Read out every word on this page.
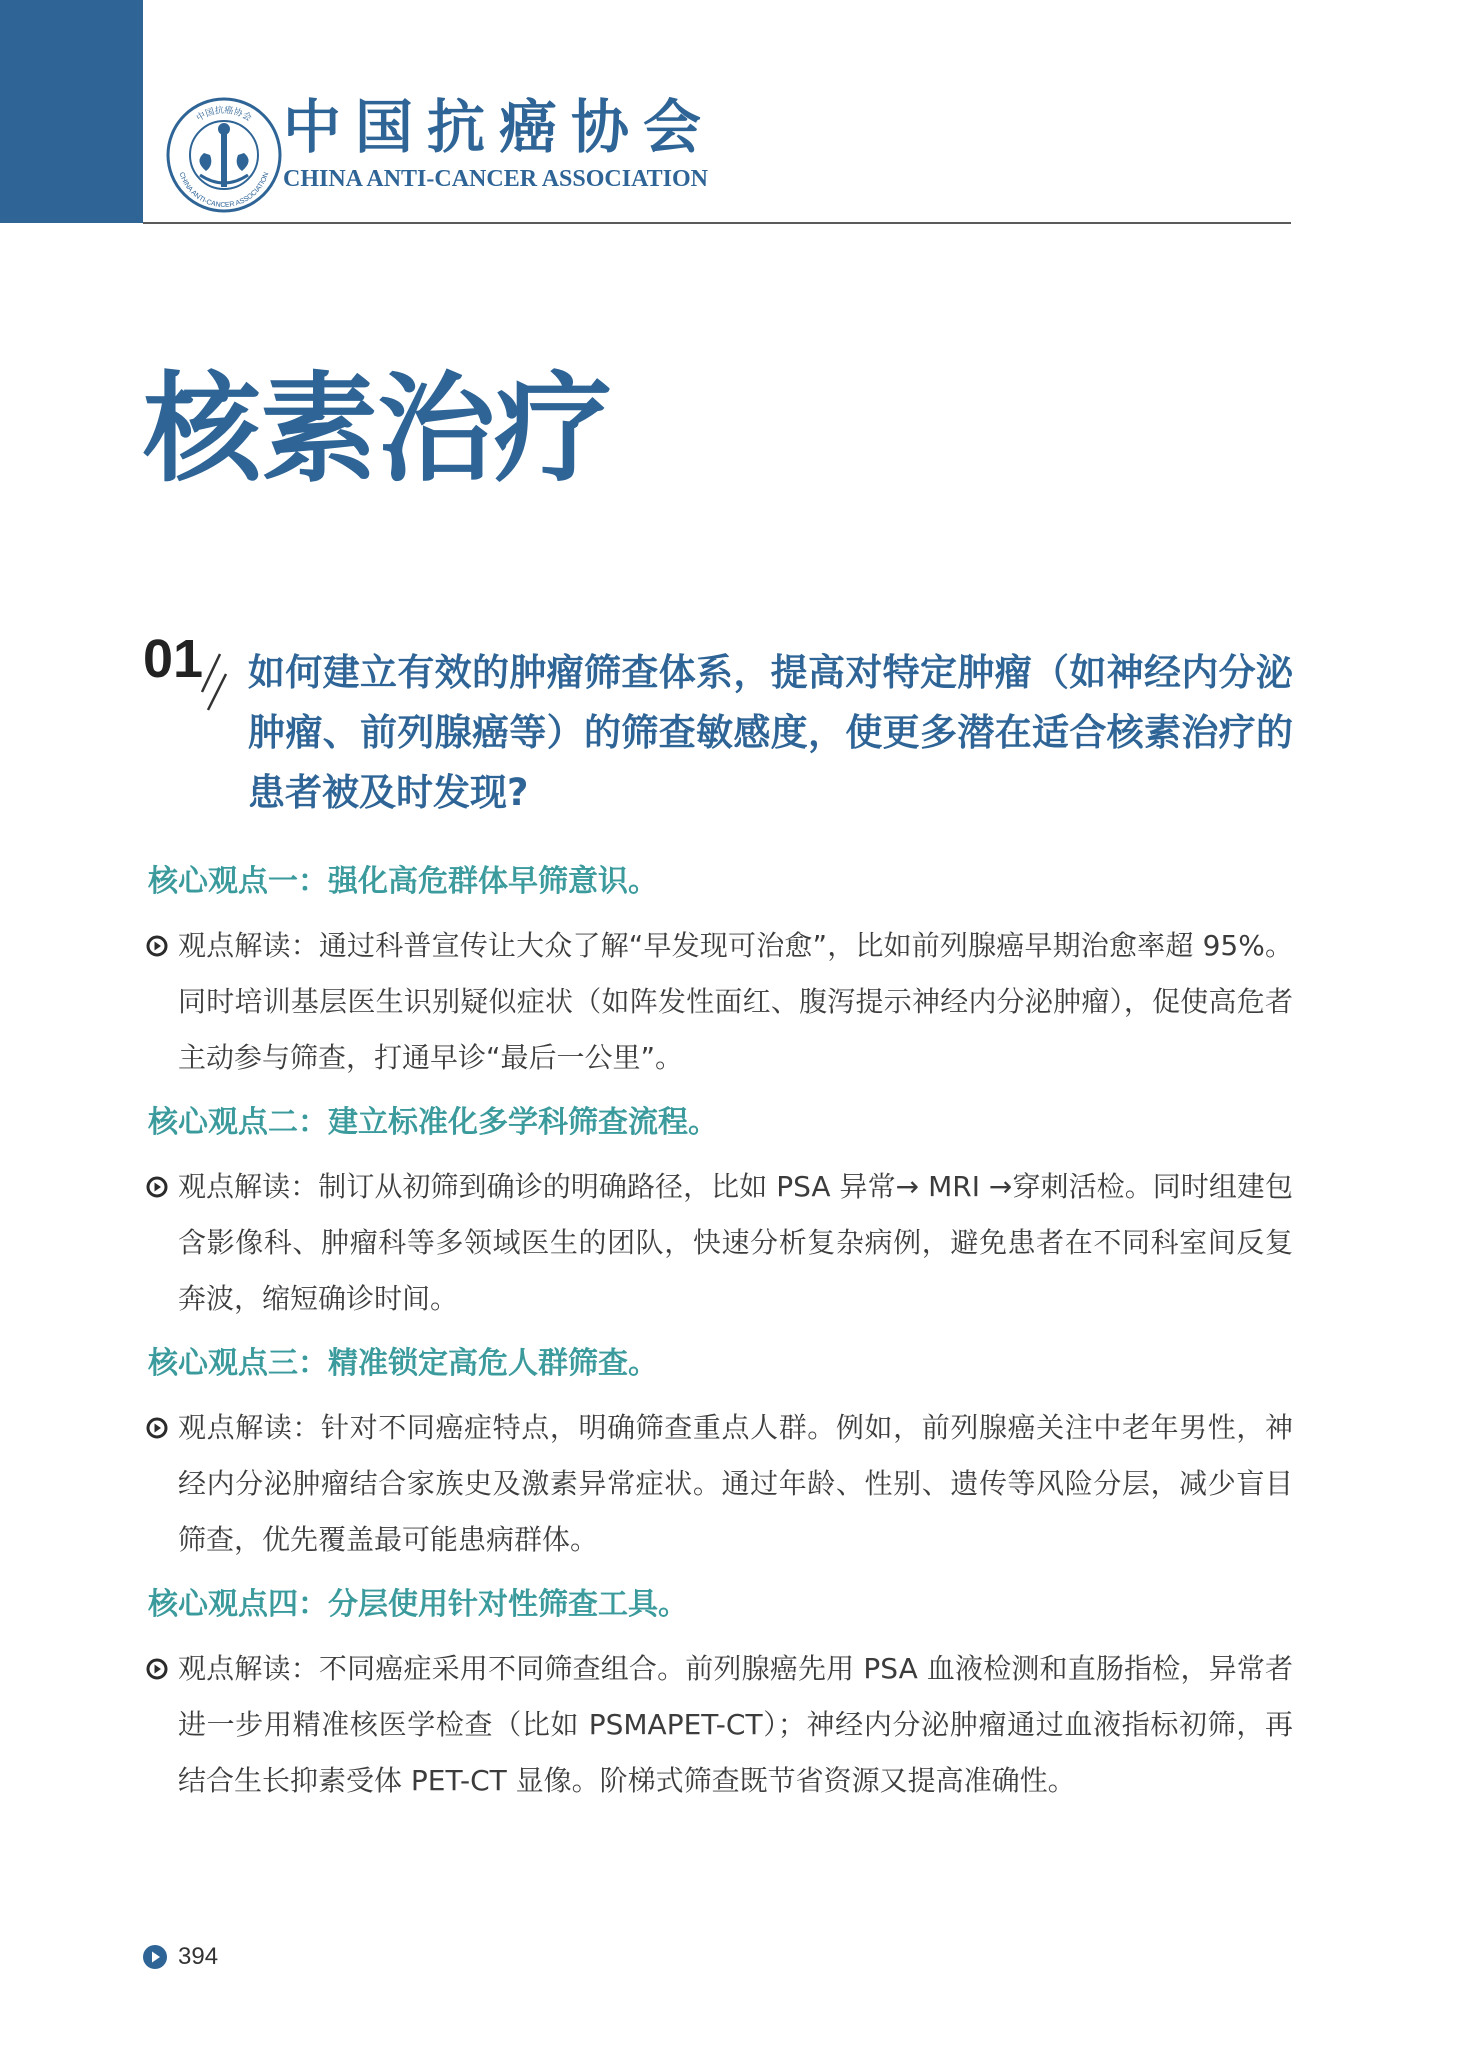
中国抗癌协会
CHINA ANTI-CANCER ASSOCIATION
中国抗癌协会
CHINA ANTI-CANCER ASSOCIATION
核素治疗
01 如何建立有效的肿瘤筛查体系，提高对特定肿瘤（如神经内分泌肿瘤、前列腺癌等）的筛查敏感度，使更多潜在适合核素治疗的患者被及时发现?

核心观点一：强化高危群体早筛意识。

观点解读：通过科普宣传让大众了解“早发现可治愈”，比如前列腺癌早期治愈率超 95%。同时培训基层医生识别疑似症状（如阵发性面红、腹泻提示神经内分泌肿瘤），促使高危者主动参与筛查，打通早诊“最后一公里”。

核心观点二：建立标准化多学科筛查流程。

观点解读：制订从初筛到确诊的明确路径，比如 PSA 异常→ MRI →穿刺活检。同时组建包含影像科、肿瘤科等多领域医生的团队，快速分析复杂病例，避免患者在不同科室间反复奔波，缩短确诊时间。

核心观点三：精准锁定高危人群筛查。

观点解读：针对不同癌症特点，明确筛查重点人群。例如，前列腺癌关注中老年男性，神经内分泌肿瘤结合家族史及激素异常症状。通过年龄、性别、遗传等风险分层，减少盲目筛查，优先覆盖最可能患病群体。

核心观点四：分层使用针对性筛查工具。

观点解读：不同癌症采用不同筛查组合。前列腺癌先用 PSA 血液检测和直肠指检，异常者进一步用精准核医学检查（比如 PSMAPET-CT）；神经内分泌肿瘤通过血液指标初筛，再结合生长抑素受体 PET-CT 显像。阶梯式筛查既节省资源又提高准确性。

394
